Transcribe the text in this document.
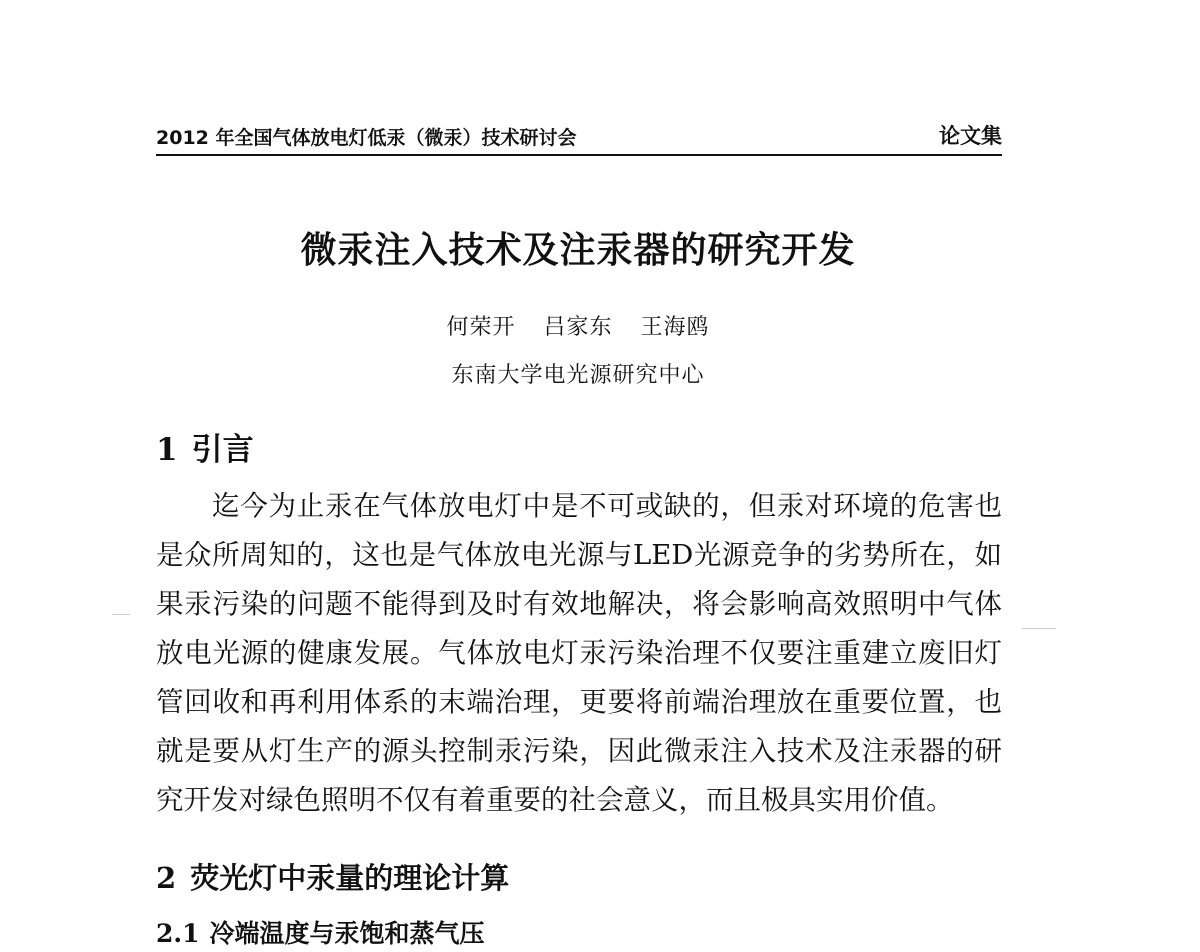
2012 年全国气体放电灯低汞（微汞）技术研讨会	论文集
微汞注入技术及注汞器的研究开发
何荣开 吕家东 王海鸥
东南大学电光源研究中心
1 引言
迄今为止汞在气体放电灯中是不可或缺的，但汞对环境的危害也
是众所周知的，这也是气体放电光源与LED光源竞争的劣势所在，如
果汞污染的问题不能得到及时有效地解决，将会影响高效照明中气体
放电光源的健康发展。气体放电灯汞污染治理不仅要注重建立废旧灯
管回收和再利用体系的末端治理，更要将前端治理放在重要位置，也
就是要从灯生产的源头控制汞污染，因此微汞注入技术及注汞器的研
究开发对绿色照明不仅有着重要的社会意义，而且极具实用价值。
2 荧光灯中汞量的理论计算
2.1 冷端温度与汞饱和蒸气压
